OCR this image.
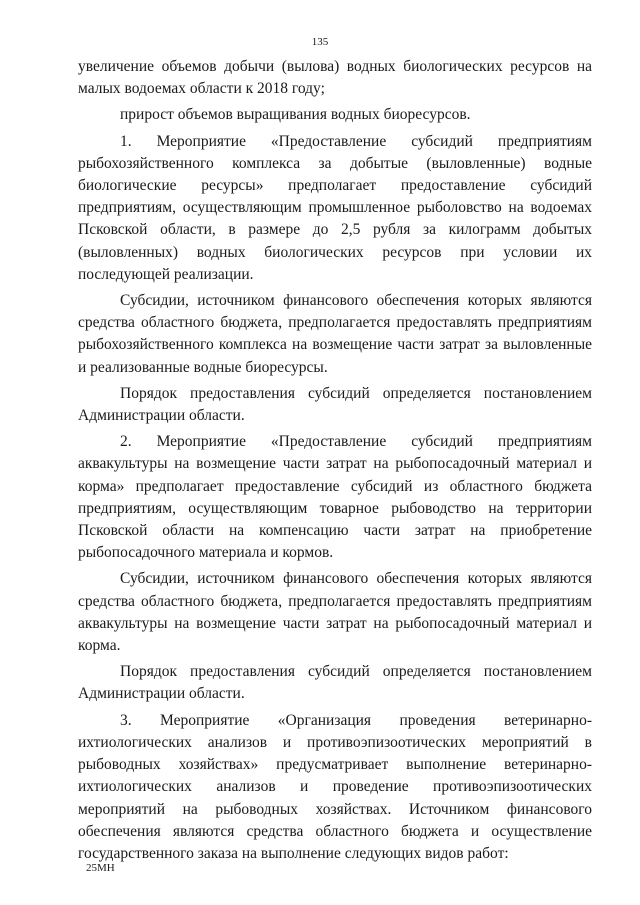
135

увеличение объемов добычи (вылова) водных биологических ресурсов на малых водоемах области к 2018 году;

прирост объемов выращивания водных биоресурсов.

1. Мероприятие «Предоставление субсидий предприятиям рыбохозяйственного комплекса за добытые (выловленные) водные биологические ресурсы» предполагает предоставление субсидий предприятиям, осуществляющим промышленное рыболовство на водоемах Псковской области, в размере до 2,5 рубля за килограмм добытых (выловленных) водных биологических ресурсов при условии их последующей реализации.

Субсидии, источником финансового обеспечения которых являются средства областного бюджета, предполагается предоставлять предприятиям рыбохозяйственного комплекса на возмещение части затрат за выловленные и реализованные водные биоресурсы.

Порядок предоставления субсидий определяется постановлением Администрации области.

2. Мероприятие «Предоставление субсидий предприятиям аквакультуры на возмещение части затрат на рыбопосадочный материал и корма» предполагает предоставление субсидий из областного бюджета предприятиям, осуществляющим товарное рыбоводство на территории Псковской области на компенсацию части затрат на приобретение рыбопосадочного материала и кормов.

Субсидии, источником финансового обеспечения которых являются средства областного бюджета, предполагается предоставлять предприятиям аквакультуры на возмещение части затрат на рыбопосадочный материал и корма.

Порядок предоставления субсидий определяется постановлением Администрации области.

3. Мероприятие «Организация проведения ветеринарно-ихтиологических анализов и противоэпизоотических мероприятий в рыбоводных хозяйствах» предусматривает выполнение ветеринарно-ихтиологических анализов и проведение противоэпизоотических мероприятий на рыбоводных хозяйствах. Источником финансового обеспечения являются средства областного бюджета и осуществление государственного заказа на выполнение следующих видов работ:

25МН
